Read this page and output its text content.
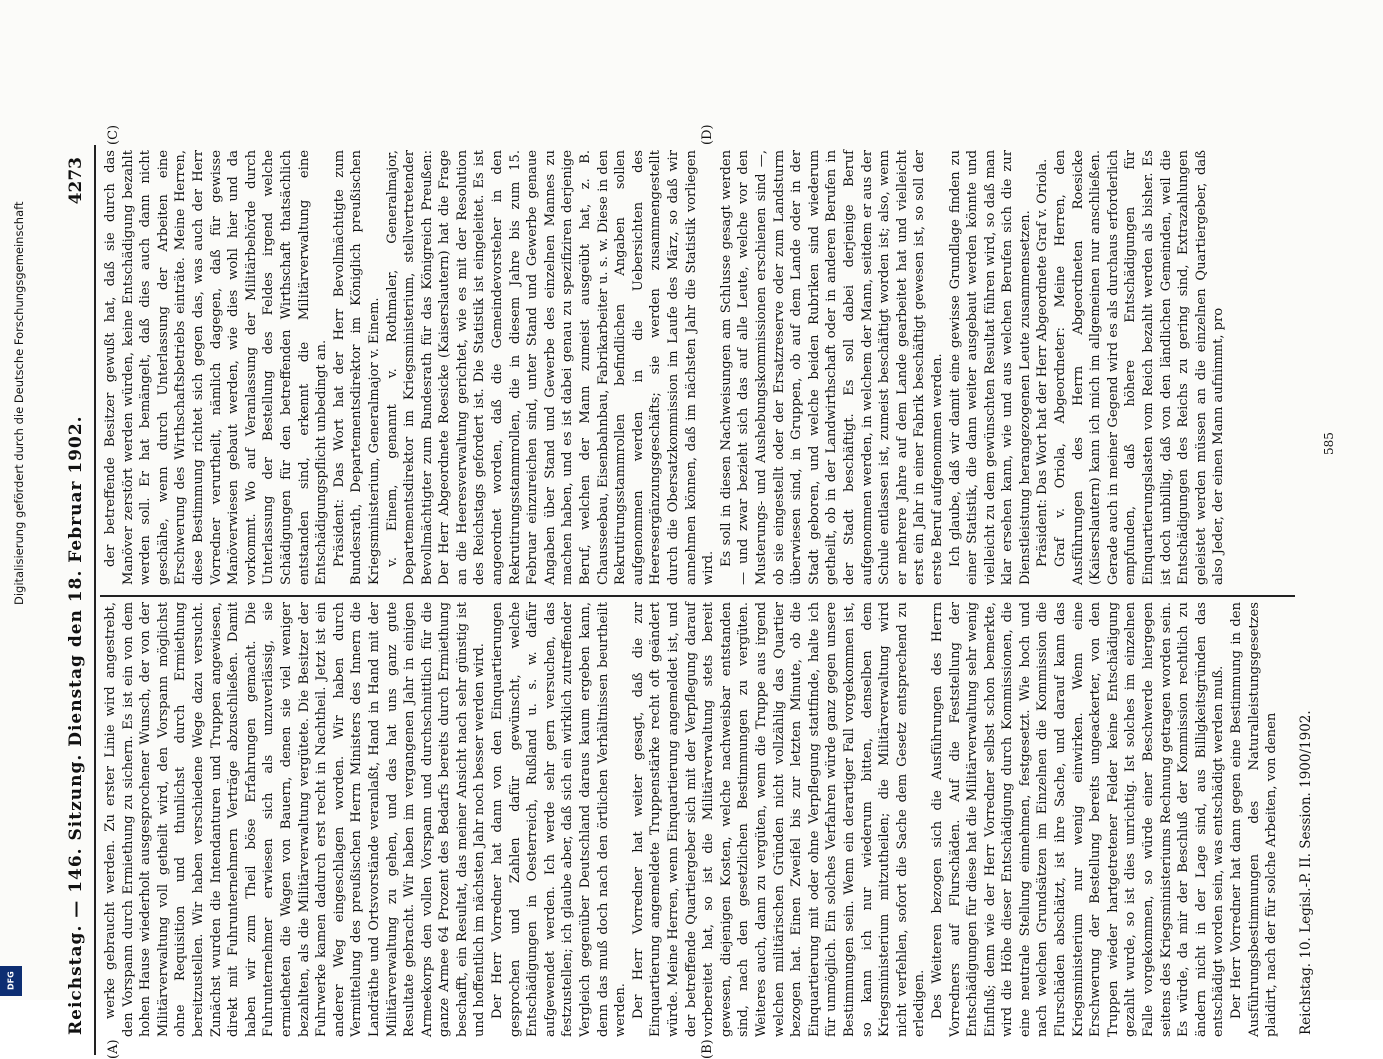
Reichstag. — 146. Sitzung. Dienstag den 18. Februar 1902.
4273
(A)	(B)
(C)	(D)

werke gebraucht werden. Zu erster Linie wird angestrebt, den Vorspann durch Ermiethung zu sichern. Es ist ein von dem hohen Hause wiederholt ausgesprochener Wunsch, der von der Militärverwaltung voll getheilt wird, den Vorspann möglichst ohne Requisition und thunlichst durch Ermiethung bereitzustellen. Wir haben verschiedene Wege dazu versucht. Zunächst wurden die Intendanturen und Truppen angewiesen, direkt mit Fuhrunternehmern Verträge abzuschließen. Damit haben wir zum Theil böse Erfahrungen gemacht. Die Fuhrunternehmer erwiesen sich als unzuverlässig, sie ermietheten die Wagen von Bauern, denen sie viel weniger bezahlten, als die Militärverwaltung vergütete. Die Besitzer der Fuhrwerke kamen dadurch erst recht in Nachtheil. Jetzt ist ein anderer Weg eingeschlagen worden. Wir haben durch Vermittelung des preußischen Herrn Ministers des Innern die Landräthe und Ortsvorstände veranlaßt, Hand in Hand mit der Militärverwaltung zu gehen, und das hat uns ganz gute Resultate gebracht. Wir haben im vergangenen Jahr in einigen Armeekorps den vollen Vorspann und durchschnittlich für die ganze Armee 64 Prozent des Bedarfs bereits durch Ermiethung beschafft, ein Resultat, das meiner Ansicht nach sehr günstig ist und hoffentlich im nächsten Jahr noch besser werden wird. Der Herr Vorredner hat dann von den Einquartierungen gesprochen und Zahlen dafür gewünscht, welche Entschädigungen in Oesterreich, Rußland u. s. w. dafür aufgewendet werden. Ich werde sehr gern versuchen, das festzustellen; ich glaube aber, daß sich ein wirklich zutreffender Vergleich gegenüber Deutschland daraus kaum ergeben kann, denn das muß doch nach den örtlichen Verhältnissen beurtheilt werden. Der Herr Vorredner hat weiter gesagt, daß die zur Einquartierung angemeldete Truppenstärke recht oft geändert würde. Meine Herren, wenn Einquartierung angemeldet ist, und der betreffende Quartiergeber sich mit der Verpflegung darauf vorbereitet hat, so ist die Militärverwaltung stets bereit gewesen, diejenigen Kosten, welche nachweisbar entstanden sind, nach den gesetzlichen Bestimmungen zu vergüten. Weiteres auch, dann zu vergüten, wenn die Truppe aus irgend welchen militärischen Gründen nicht vollzählig das Quartier bezogen hat. Einen Zweifel bis zur letzten Minute, ob die Einquartierung mit oder ohne Verpflegung stattfinde, halte ich für unmöglich. Ein solches Verfahren würde ganz gegen unsere Bestimmungen sein. Wenn ein derartiger Fall vorgekommen ist, so kann ich nur wiederum bitten, denselben dem Kriegsministerium mitzutheilen; die Militärverwaltung wird nicht verfehlen, sofort die Sache dem Gesetz entsprechend zu erledigen. Des Weiteren bezogen sich die Ausführungen des Herrn Vorredners auf Flurschäden. Auf die Feststellung der Entschädigungen für diese hat die Militärverwaltung sehr wenig Einfluß; denn wie der Herr Vorredner selbst schon bemerkte, wird die Höhe dieser Entschädigung durch Kommissionen, die eine neutrale Stellung einnehmen, festgesetzt. Wie hoch und nach welchen Grundsätzen im Einzelnen die Kommission die Flurschäden abschätzt, ist ihre Sache, und darauf kann das Kriegsministerium nur wenig einwirken. Wenn eine Erschwerung der Bestellung bereits ungeackerter, von den Truppen wieder hartgetretener Felder keine Entschädigung gezahlt wurde, so ist dies unrichtig. Ist solches im einzelnen Falle vorgekommen, so würde einer Beschwerde hiergegen seitens des Kriegsministeriums Rechnung getragen worden sein. Es würde, da mir der Beschluß der Kommission rechtlich zu ändern nicht in der Lage sind, aus Billigkeitsgründen das entschädigt worden sein, was entschädigt werden muß. Der Herr Vorredner hat dann gegen eine Bestimmung in den Ausführungsbestimmungen des Naturalleistungsgesetzes plaidirt, nach der für solche Arbeiten, von denen

der betreffende Besitzer gewußt hat, daß sie durch das Manöver zerstört werden würden, keine Entschädigung bezahlt werden soll. Er hat bemängelt, daß dies auch dann nicht geschähe, wenn durch Unterlassung der Arbeiten eine Erschwerung des Wirthschaftsbetriebs einträte. Meine Herren, diese Bestimmung richtet sich gegen das, was auch der Herr Vorredner verurtheilt, nämlich dagegen, daß für gewisse Manöverwiesen gebaut werden, wie dies wohl hier und da vorkommt. Wo auf Veranlassung der Militärbehörde durch Unterlassung der Bestellung des Feldes irgend welche Schädigungen für den betreffenden Wirthschaft thatsächlich entstanden sind, erkennt die Militärverwaltung eine Entschädigungspflicht unbedingt an. Präsident: Das Wort hat der Herr Bevollmächtigte zum Bundesrath, Departementsdirektor im Königlich preußischen Kriegsministerium, Generalmajor v. Einem. v. Einem, genannt v. Rothmaler, Generalmajor, Departementsdirektor im Kriegsministerium, stellvertretender Bevollmächtigter zum Bundesrath für das Königreich Preußen: Der Herr Abgeordnete Roesicke (Kaiserslautern) hat die Frage an die Heeresverwaltung gerichtet, wie es mit der Resolution des Reichstags gefordert ist. Die Statistik ist eingeleitet. Es ist angeordnet worden, daß die Gemeindevorsteher in den Rekrutirungsstammrollen, die in diesem Jahre bis zum 15. Februar einzureichen sind, unter Stand und Gewerbe genaue Angaben über Stand und Gewerbe des einzelnen Mannes zu machen haben, und es ist dabei genau zu spezifiziren derjenige Beruf, welchen der Mann zumeist ausgeübt hat, z. B. Chausseebau, Eisenbahnbau, Fabrikarbeiter u. s. w. Diese in den Rekrutirungsstammrollen befindlichen Angaben sollen aufgenommen werden in die Uebersichten des Heeresergänzungsgeschäfts; sie werden zusammengestellt durch die Obersatzkommission im Laufe des März, so daß wir annehmen können, daß im nächsten Jahr die Statistik vorliegen wird.

Es soll in diesen Nachweisungen am Schlusse gesagt werden — und zwar bezieht sich das auf alle Leute, welche vor den Musterungs- und Aushebungskommissionen erschienen sind —, ob sie eingestellt oder der Ersatzreserve oder zum Landsturm überwiesen sind, in Gruppen, ob auf dem Lande oder in der Stadt geboren, und welche beiden Rubriken sind wiederum getheilt, ob in der Landwirthschaft oder in anderen Berufen in der Stadt beschäftigt. Es soll dabei derjenige Beruf aufgenommen werden, in welchem der Mann, seitdem er aus der Schule entlassen ist, zumeist beschäftigt worden ist; also, wenn er mehrere Jahre auf dem Lande gearbeitet hat und vielleicht erst ein Jahr in einer Fabrik beschäftigt gewesen ist, so soll der erste Beruf aufgenommen werden. Ich glaube, daß wir damit eine gewisse Grundlage finden zu einer Statistik, die dann weiter ausgebaut werden könnte und vielleicht zu dem gewünschten Resultat führen wird, so daß man klar ersehen kann, wie und aus welchen Berufen sich die zur Dienstleistung herangezogenen Leute zusammensetzen. Präsident: Das Wort hat der Herr Abgeordnete Graf v. Oriola. Graf v. Oriola, Abgeordneter: Meine Herren, den Ausführungen des Herrn Abgeordneten Roesicke (Kaiserslautern) kann ich mich im allgemeinen nur anschließen. Gerade auch in meiner Gegend wird es als durchaus erforderlich empfunden, daß höhere Entschädigungen für Einquartierungslasten vom Reich bezahlt werden als bisher. Es ist doch unbillig, daß von den ländlichen Gemeinden, weil die Entschädigungen des Reichs zu gering sind, Extrazahlungen geleistet werden müssen an die einzelnen Quartiergeber, daß also Jeder, der einen Mann aufnimmt, pro

Reichstag. 10. Legisl.-P. II. Session. 1900/1902.
585
Digitalisierung gefördert durch die Deutsche Forschungsgemeinschaft
DFG
